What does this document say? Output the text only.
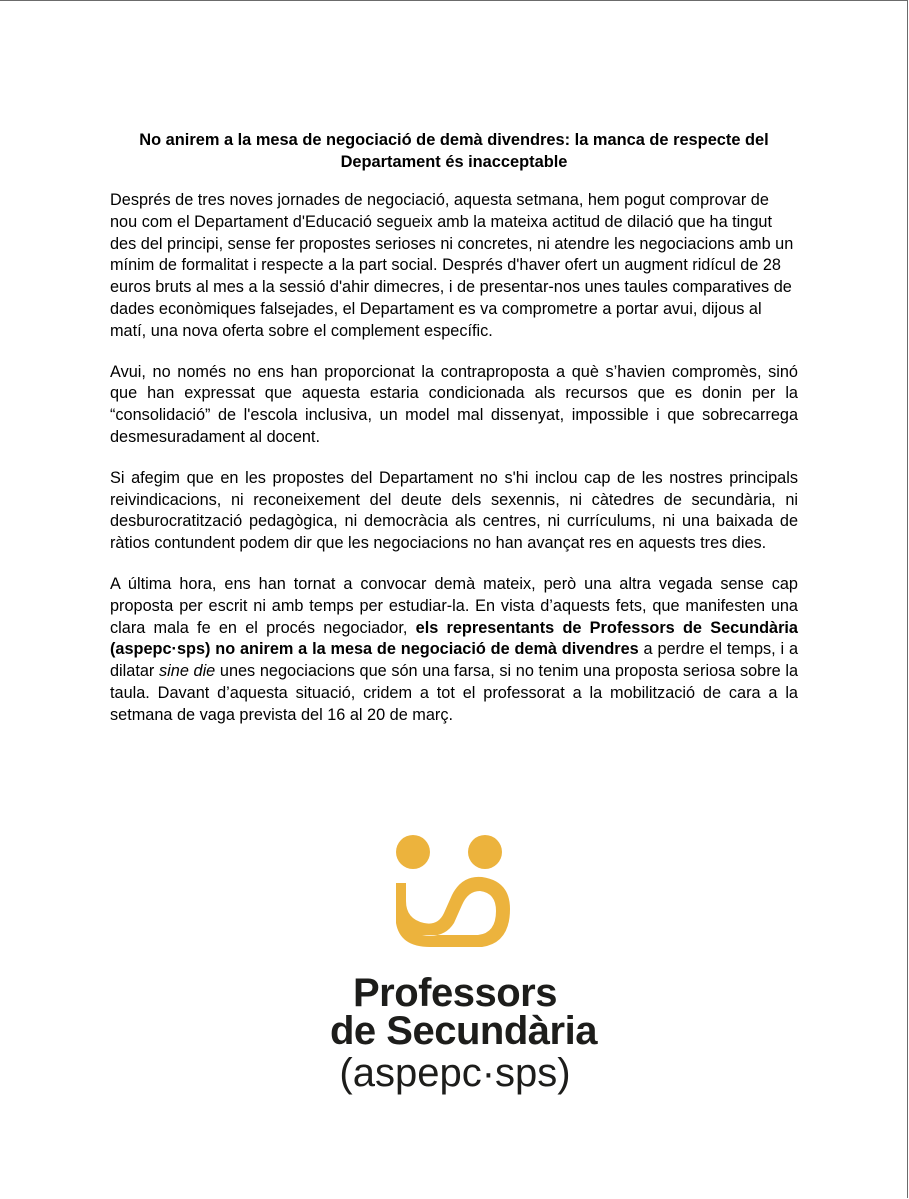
No anirem a la mesa de negociació de demà divendres: la manca de respecte del Departament és inacceptable

Després de tres noves jornades de negociació, aquesta setmana, hem pogut comprovar de nou com el Departament d'Educació segueix amb la mateixa actitud de dilació que ha tingut des del principi, sense fer propostes serioses ni concretes, ni atendre les negociacions amb un mínim de formalitat i respecte a la part social. Després d'haver ofert un augment ridícul de 28 euros bruts al mes a la sessió d'ahir dimecres, i de presentar-nos unes taules comparatives de dades econòmiques falsejades, el Departament es va comprometre a portar avui, dijous al matí, una nova oferta sobre el complement específic.

Avui, no només no ens han proporcionat la contraproposta a què s’havien compromès, sinó que han expressat que aquesta estaria condicionada als recursos que es donin per la “consolidació” de l'escola inclusiva, un model mal dissenyat, impossible i que sobrecarrega desmesuradament al docent.

Si afegim que en les propostes del Departament no s'hi inclou cap de les nostres principals reivindicacions, ni reconeixement del deute dels sexennis, ni càtedres de secundària, ni desburocratització pedagògica, ni democràcia als centres, ni currículums, ni una baixada de ràtios contundent podem dir que les negociacions no han avançat res en aquests tres dies.

A última hora, ens han tornat a convocar demà mateix, però una altra vegada sense cap proposta per escrit ni amb temps per estudiar-la. En vista d’aquests fets, que manifesten una clara mala fe en el procés negociador, els representants de Professors de Secundària (aspepc·sps) no anirem a la mesa de negociació de demà divendres a perdre el temps, i a dilatar sine die unes negociacions que són una farsa, si no tenim una proposta seriosa sobre la taula. Davant d’aquesta situació, cridem a tot el professorat a la mobilització de cara a la setmana de vaga prevista del 16 al 20 de març.

Professors
de Secundària
(aspepc·sps)
